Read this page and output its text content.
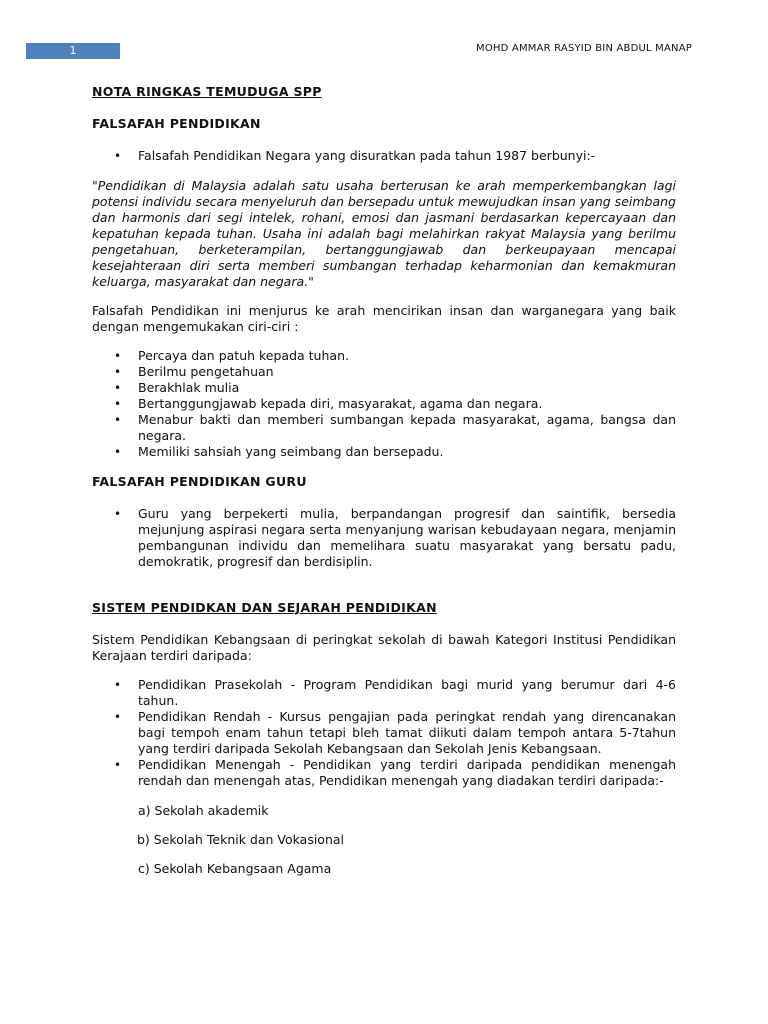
1	MOHD AMMAR RASYID BIN ABDUL MANAP
NOTA RINGKAS TEMUDUGA SPP
FALSAFAH PENDIDIKAN
• Falsafah Pendidikan Negara yang disuratkan pada tahun 1987 berbunyi:-

"Pendidikan di Malaysia adalah satu usaha berterusan ke arah memperkembangkan lagi potensi individu secara menyeluruh dan bersepadu untuk mewujudkan insan yang seimbang dan harmonis dari segi intelek, rohani, emosi dan jasmani berdasarkan kepercayaan dan kepatuhan kepada tuhan. Usaha ini adalah bagi melahirkan rakyat Malaysia yang berilmu pengetahuan, berketerampilan, bertanggungjawab dan berkeupayaan mencapai kesejahteraan diri serta memberi sumbangan terhadap keharmonian dan kemakmuran keluarga, masyarakat dan negara."

Falsafah Pendidikan ini menjurus ke arah mencirikan insan dan warganegara yang baik dengan mengemukakan ciri-ciri :

• Percaya dan patuh kepada tuhan.
• Berilmu pengetahuan
• Berakhlak mulia
• Bertanggungjawab kepada diri, masyarakat, agama dan negara.
• Menabur bakti dan memberi sumbangan kepada masyarakat, agama, bangsa dan negara.
• Memiliki sahsiah yang seimbang dan bersepadu.
FALSAFAH PENDIDIKAN GURU
• Guru yang berpekerti mulia, berpandangan progresif dan saintifik, bersedia mejunjung aspirasi negara serta menyanjung warisan kebudayaan negara, menjamin pembangunan individu dan memelihara suatu masyarakat yang bersatu padu, demokratik, progresif dan berdisiplin.
SISTEM PENDIDKAN DAN SEJARAH PENDIDIKAN

Sistem Pendidikan Kebangsaan di peringkat sekolah di bawah Kategori Institusi Pendidikan Kerajaan terdiri daripada:

• Pendidikan Prasekolah - Program Pendidikan bagi murid yang berumur dari 4-6 tahun.
• Pendidikan Rendah - Kursus pengajian pada peringkat rendah yang direncanakan bagi tempoh enam tahun tetapi bleh tamat diikuti dalam tempoh antara 5-7tahun yang terdiri daripada Sekolah Kebangsaan dan Sekolah Jenis Kebangsaan.
• Pendidikan Menengah - Pendidikan yang terdiri daripada pendidikan menengah rendah dan menengah atas, Pendidikan menengah yang diadakan terdiri daripada:-
a) Sekolah akademik
b) Sekolah Teknik dan Vokasional
c) Sekolah Kebangsaan Agama
